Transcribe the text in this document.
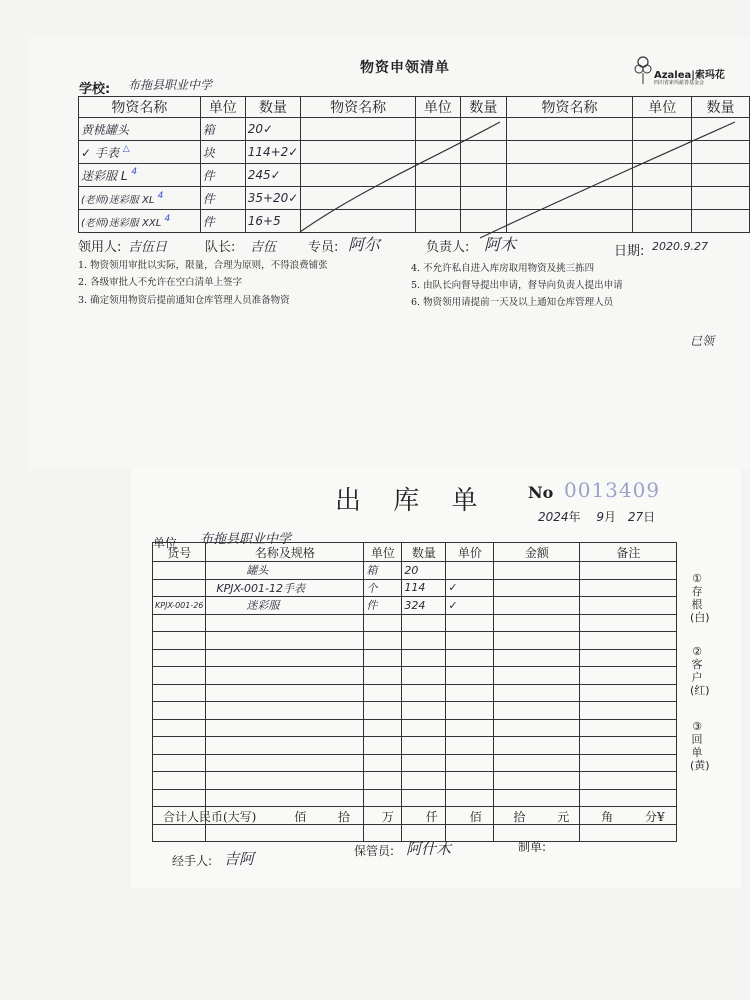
物资申领清单	Azalea|索玛花
四川省索玛慈善基金会
学校: 布拖县职业中学
物资名称	单位	数量	物资名称	单位	数量	物资名称	单位	数量
黄桃罐头	箱	20✓						
✓ 手表 △	块	114+2✓						
迷彩服 L $^4$	件	245✓						
(老师)迷彩服 XL 4	件	35+20✓						
(老师)迷彩服 XXL 4	件	16+5						
领用人: 吉伍日	队长: 吉伍 专员: 阿尔	负责人: 阿木	日期: 2020.9.27
1. 物资领用审批以实际，限量，合理为原则，不得浪费铺张
2. 各级审批人不允许在空白清单上签字
3. 确定领用物资后提前通知仓库管理人员准备物资
4. 不允许私自进入库房取用物资及挑三拣四
5. 由队长向督导提出申请，督导向负责人提出申请
6. 物资领用请提前一天及以上通知仓库管理人员
已领
出 库 单 No 0013409
2024年 9月 27日
单位 布拖县职业中学
货号	名称及规格	单位	数量	单价	金额	备注
	罐头	箱	20			
	KPJX-001-12手表	个	114	✓		
KPJX-001-26	迷彩服	件	324	✓		

①存根(白)
②客户(红)
③回单(黄)
合计人民币(大写)	佰	拾	万	仟	佰	拾	元	角	分¥
经手人: 吉阿	保管员: 阿什木	制单:
